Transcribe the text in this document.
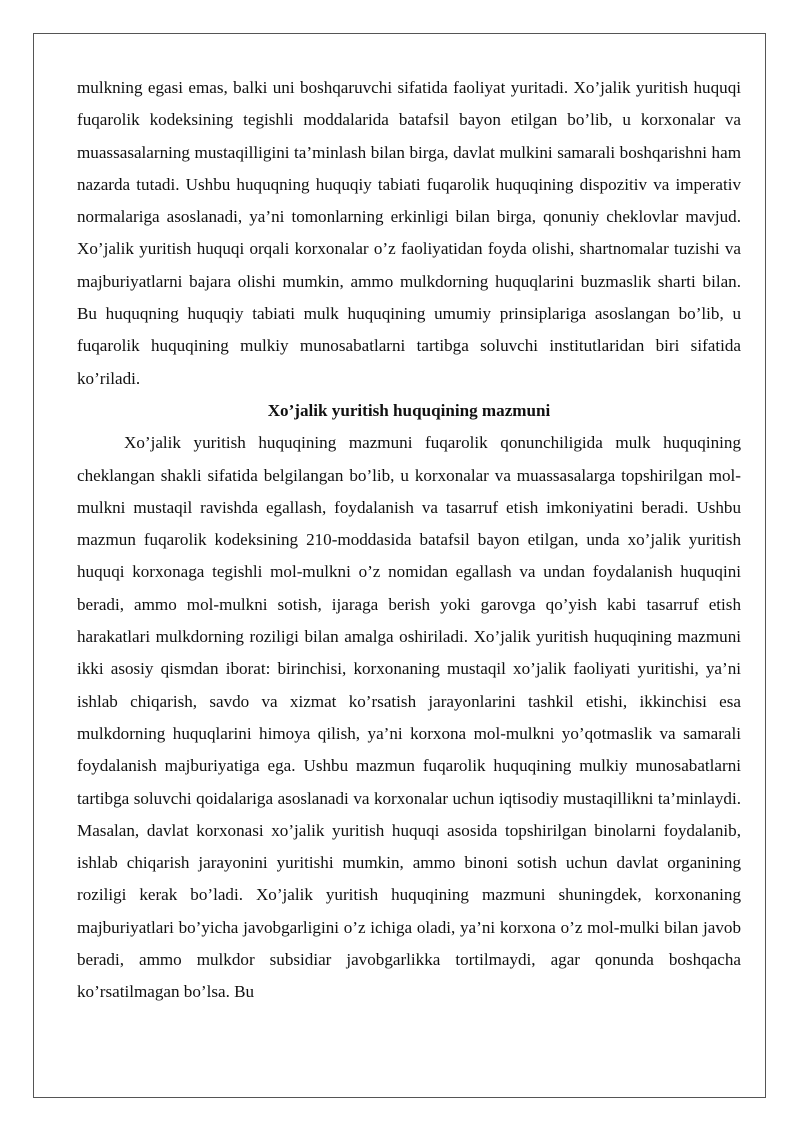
mulkning egasi emas, balki uni boshqaruvchi sifatida faoliyat yuritadi. Xo’jalik yuritish huquqi fuqarolik kodeksining tegishli moddalarida batafsil bayon etilgan bo’lib, u korxonalar va muassasalarning mustaqilligini ta’minlash bilan birga, davlat mulkini samarali boshqarishni ham nazarda tutadi. Ushbu huquqning huquqiy tabiati fuqarolik huquqining dispozitiv va imperativ normalariga asoslanadi, ya’ni tomonlarning erkinligi bilan birga, qonuniy cheklovlar mavjud. Xo’jalik yuritish huquqi orqali korxonalar o’z faoliyatidan foyda olishi, shartnomalar tuzishi va majburiyatlarni bajara olishi mumkin, ammo mulkdorning huquqlarini buzmaslik sharti bilan. Bu huquqning huquqiy tabiati mulk huquqining umumiy prinsiplariga asoslangan bo’lib, u fuqarolik huquqining mulkiy munosabatlarni tartibga soluvchi institutlaridan biri sifatida ko’riladi.

Xo’jalik yuritish huquqining mazmuni

Xo’jalik yuritish huquqining mazmuni fuqarolik qonunchiligida mulk huquqining cheklangan shakli sifatida belgilangan bo’lib, u korxonalar va muassasalarga topshirilgan mol-mulkni mustaqil ravishda egallash, foydalanish va tasarruf etish imkoniyatini beradi. Ushbu mazmun fuqarolik kodeksining 210-moddasida batafsil bayon etilgan, unda xo’jalik yuritish huquqi korxonaga tegishli mol-mulkni o’z nomidan egallash va undan foydalanish huquqini beradi, ammo mol-mulkni sotish, ijaraga berish yoki garovga qo’yish kabi tasarruf etish harakatlari mulkdorning roziligi bilan amalga oshiriladi. Xo’jalik yuritish huquqining mazmuni ikki asosiy qismdan iborat: birinchisi, korxonaning mustaqil xo’jalik faoliyati yuritishi, ya’ni ishlab chiqarish, savdo va xizmat ko’rsatish jarayonlarini tashkil etishi, ikkinchisi esa mulkdorning huquqlarini himoya qilish, ya’ni korxona mol-mulkni yo’qotmaslik va samarali foydalanish majburiyatiga ega. Ushbu mazmun fuqarolik huquqining mulkiy munosabatlarni tartibga soluvchi qoidalariga asoslanadi va korxonalar uchun iqtisodiy mustaqillikni ta’minlaydi. Masalan, davlat korxonasi xo’jalik yuritish huquqi asosida topshirilgan binolarni foydalanib, ishlab chiqarish jarayonini yuritishi mumkin, ammo binoni sotish uchun davlat organining roziligi kerak bo’ladi. Xo’jalik yuritish huquqining mazmuni shuningdek, korxonaning majburiyatlari bo’yicha javobgarligini o’z ichiga oladi, ya’ni korxona o’z mol-mulki bilan javob beradi, ammo mulkdor subsidiar javobgarlikka tortilmaydi, agar qonunda boshqacha ko’rsatilmagan bo’lsa. Bu
